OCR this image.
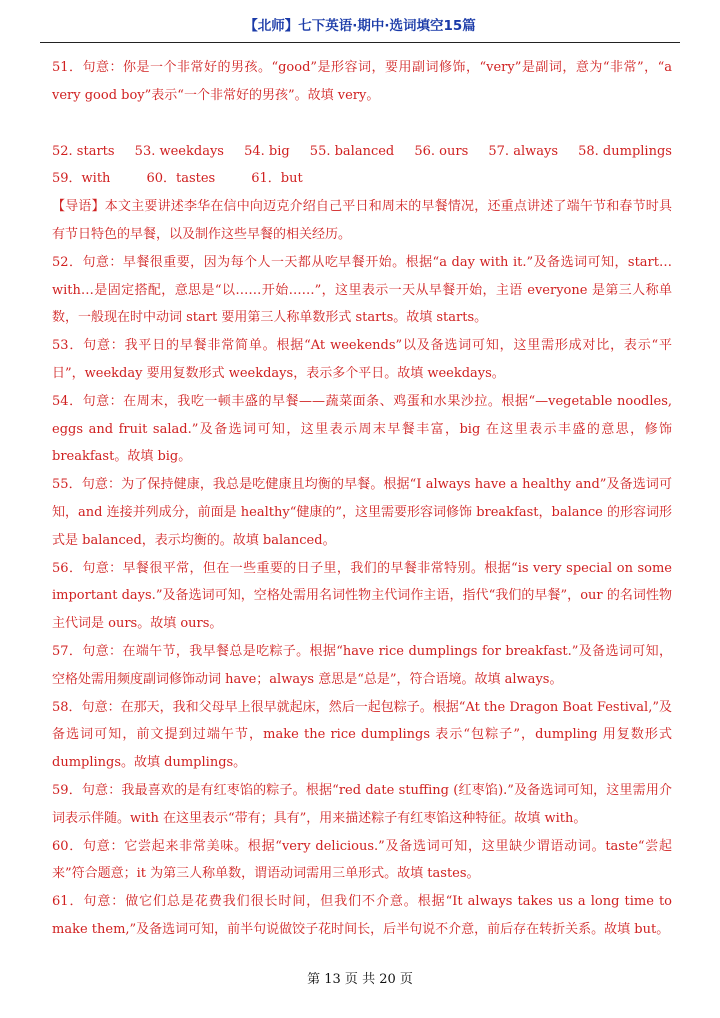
【北师】七下英语·期中·选词填空15篇

51．句意：你是一个非常好的男孩。“good”是形容词，要用副词修饰，“very”是副词，意为“非常”，“a very good boy”表示“一个非常好的男孩”。故填 very。

52. starts 53. weekdays 54. big 55. balanced 56. ours 57. always 58. dumplings
59．with	60．tastes	61．but

【导语】本文主要讲述李华在信中向迈克介绍自己平日和周末的早餐情况，还重点讲述了端午节和春节时具有节日特色的早餐，以及制作这些早餐的相关经历。

52．句意：早餐很重要，因为每个人一天都从吃早餐开始。根据“a day with it.”及备选词可知，start…with…是固定搭配，意思是“以……开始……”，这里表示一天从早餐开始，主语 everyone 是第三人称单数，一般现在时中动词 start 要用第三人称单数形式 starts。故填 starts。

53．句意：我平日的早餐非常简单。根据“At weekends”以及备选词可知，这里需形成对比，表示“平日”，weekday 要用复数形式 weekdays，表示多个平日。故填 weekdays。

54．句意：在周末，我吃一顿丰盛的早餐——蔬菜面条、鸡蛋和水果沙拉。根据“—vegetable noodles, eggs and fruit salad.”及备选词可知，这里表示周末早餐丰富，big 在这里表示丰盛的意思，修饰 breakfast。故填 big。

55．句意：为了保持健康，我总是吃健康且均衡的早餐。根据“I always have a healthy and”及备选词可知，and 连接并列成分，前面是 healthy“健康的”，这里需要形容词修饰 breakfast，balance 的形容词形式是 balanced，表示均衡的。故填 balanced。

56．句意：早餐很平常，但在一些重要的日子里，我们的早餐非常特别。根据“is very special on some important days.”及备选词可知，空格处需用名词性物主代词作主语，指代“我们的早餐”，our 的名词性物主代词是 ours。故填 ours。

57．句意：在端午节，我早餐总是吃粽子。根据“have rice dumplings for breakfast.”及备选词可知，空格处需用频度副词修饰动词 have；always 意思是“总是”，符合语境。故填 always。

58．句意：在那天，我和父母早上很早就起床，然后一起包粽子。根据“At the Dragon Boat Festival,”及备选词可知，前文提到过端午节，make the rice dumplings 表示“包粽子”，dumpling 用复数形式 dumplings。故填 dumplings。

59．句意：我最喜欢的是有红枣馅的粽子。根据“red date stuffing (红枣馅).”及备选词可知，这里需用介词表示伴随。with 在这里表示“带有；具有”，用来描述粽子有红枣馅这种特征。故填 with。

60．句意：它尝起来非常美味。根据“very delicious.”及备选词可知，这里缺少谓语动词。taste“尝起来”符合题意；it 为第三人称单数，谓语动词需用三单形式。故填 tastes。

61．句意：做它们总是花费我们很长时间，但我们不介意。根据“It always takes us a long time to make them,”及备选词可知，前半句说做饺子花时间长，后半句说不介意，前后存在转折关系。故填 but。

第 13 页 共 20 页
